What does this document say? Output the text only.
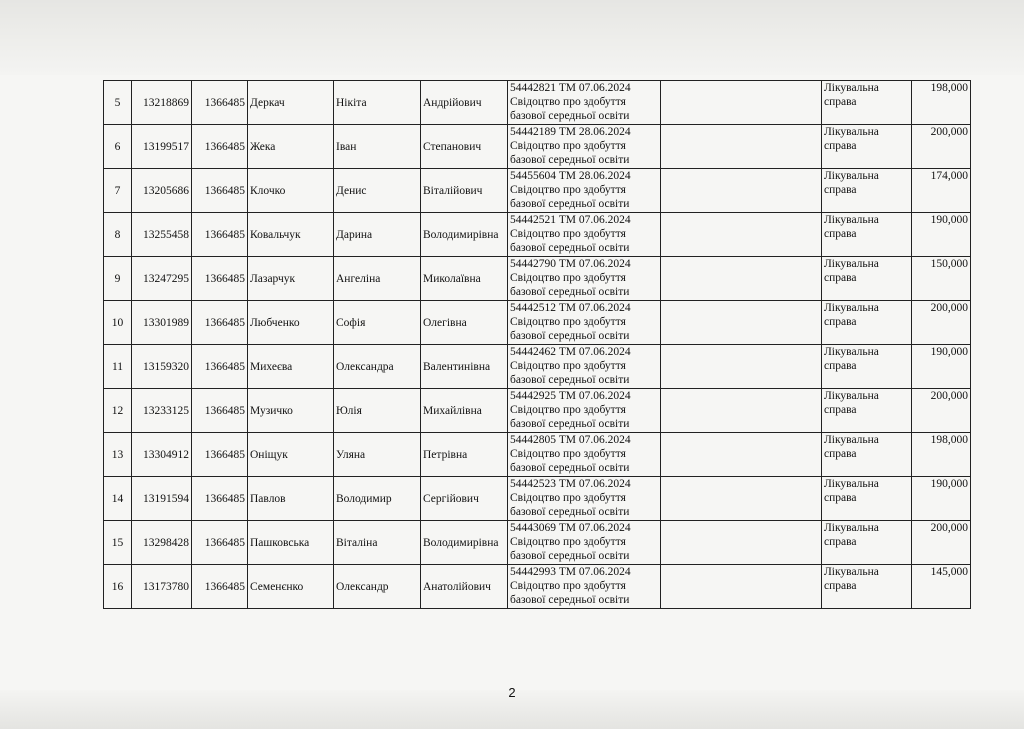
5	13218869	1366485	Деркач	Нікіта	Андрійович	54442821 ТМ 07.06.2024
Свідоцтво про здобуття
базової середньої освіти		Лікувальна
справа	198,000
6	13199517	1366485	Жека	Іван	Степанович	54442189 ТМ 28.06.2024
Свідоцтво про здобуття
базової середньої освіти		Лікувальна
справа	200,000
7	13205686	1366485	Клочко	Денис	Віталійович	54455604 ТМ 28.06.2024
Свідоцтво про здобуття
базової середньої освіти		Лікувальна
справа	174,000
8	13255458	1366485	Ковальчук	Дарина	Володимирівна	54442521 ТМ 07.06.2024
Свідоцтво про здобуття
базової середньої освіти		Лікувальна
справа	190,000
9	13247295	1366485	Лазарчук	Ангеліна	Миколаївна	54442790 ТМ 07.06.2024
Свідоцтво про здобуття
базової середньої освіти		Лікувальна
справа	150,000
10	13301989	1366485	Любченко	Софія	Олегівна	54442512 ТМ 07.06.2024
Свідоцтво про здобуття
базової середньої освіти		Лікувальна
справа	200,000
11	13159320	1366485	Михеєва	Олександра	Валентинівна	54442462 ТМ 07.06.2024
Свідоцтво про здобуття
базової середньої освіти		Лікувальна
справа	190,000
12	13233125	1366485	Музичко	Юлія	Михайлівна	54442925 ТМ 07.06.2024
Свідоцтво про здобуття
базової середньої освіти		Лікувальна
справа	200,000
13	13304912	1366485	Оніщук	Уляна	Петрівна	54442805 ТМ 07.06.2024
Свідоцтво про здобуття
базової середньої освіти		Лікувальна
справа	198,000
14	13191594	1366485	Павлов	Володимир	Сергійович	54442523 ТМ 07.06.2024
Свідоцтво про здобуття
базової середньої освіти		Лікувальна
справа	190,000
15	13298428	1366485	Пашковська	Віталіна	Володимирівна	54443069 ТМ 07.06.2024
Свідоцтво про здобуття
базової середньої освіти		Лікувальна
справа	200,000
16	13173780	1366485	Семенєнко	Олександр	Анатолійович	54442993 ТМ 07.06.2024
Свідоцтво про здобуття
базової середньої освіти		Лікувальна
справа	145,000
2
